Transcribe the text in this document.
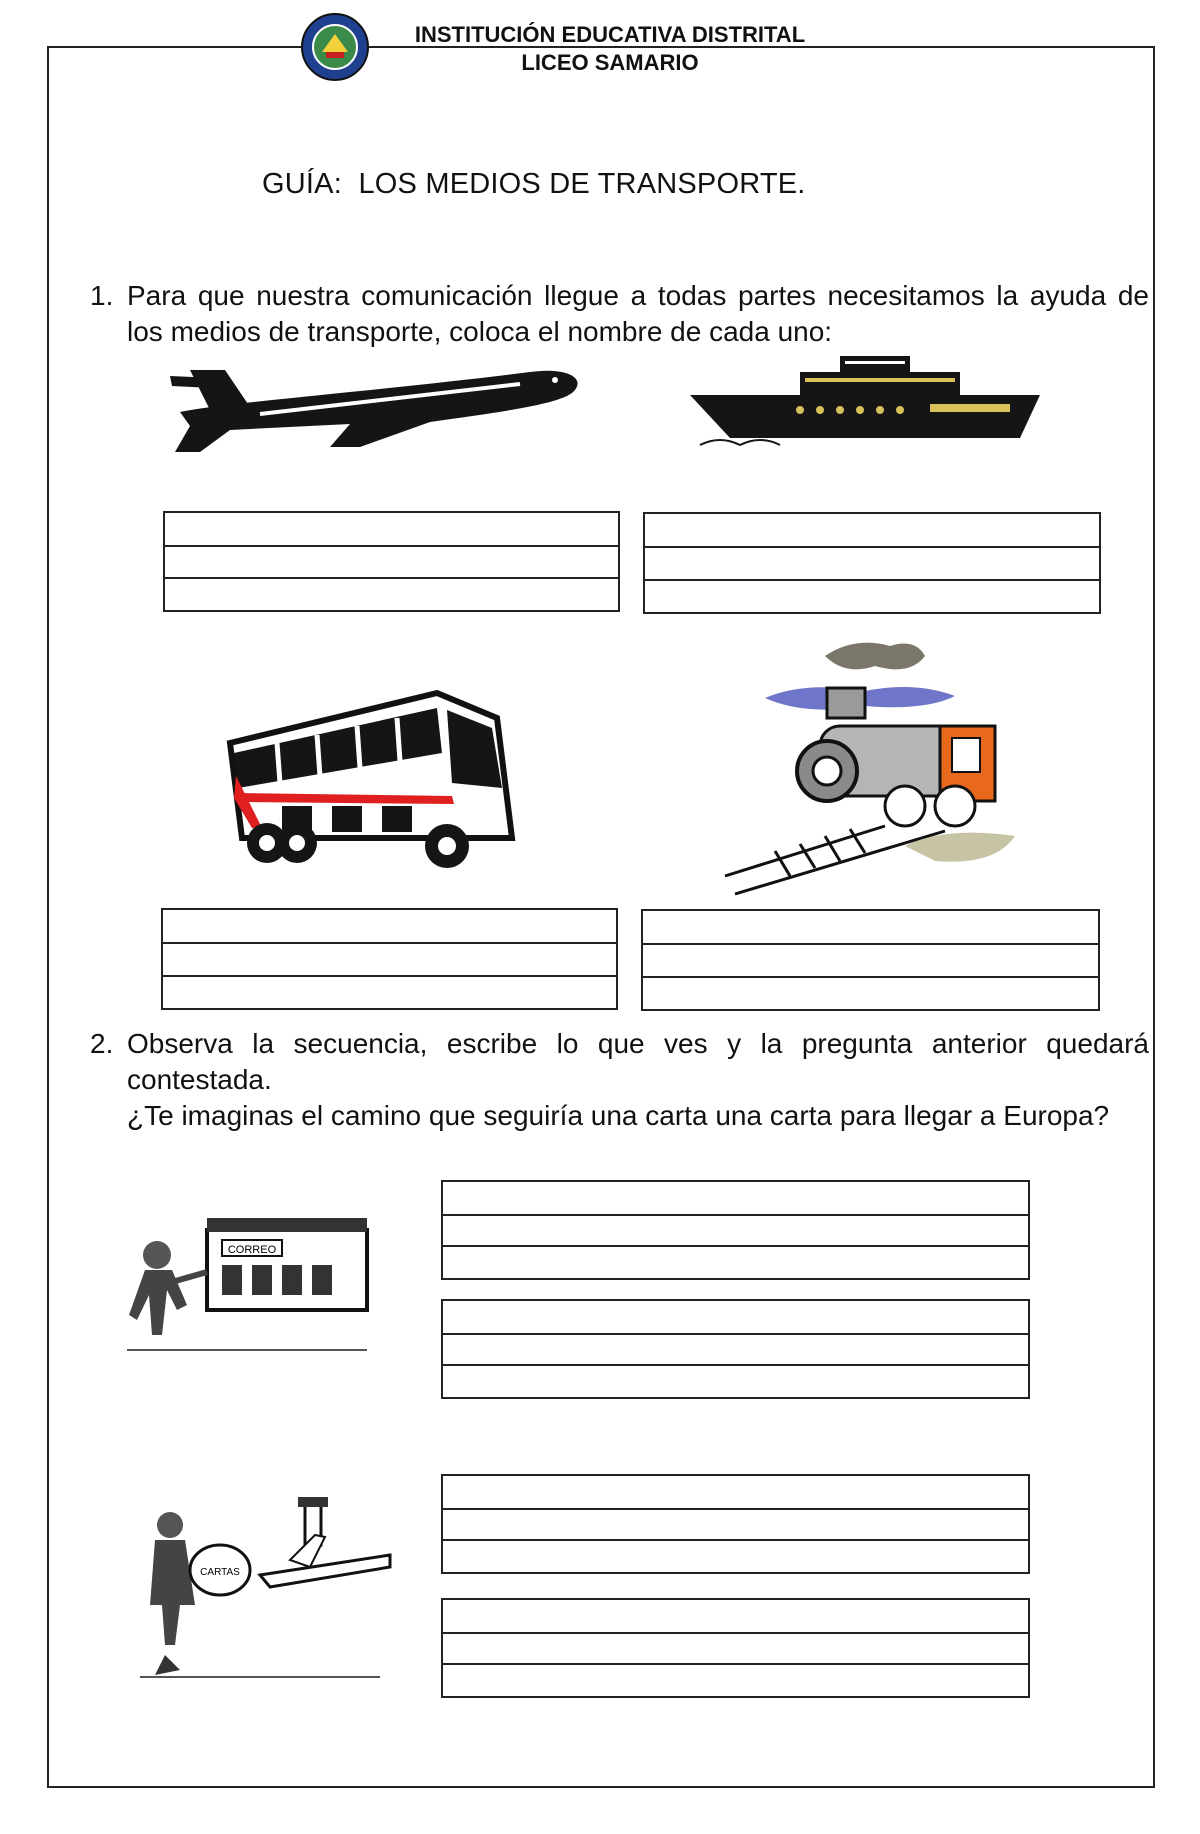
INSTITUCIÓN EDUCATIVA DISTRITAL
LICEO SAMARIO
GUÍA:  LOS MEDIOS DE TRANSPORTE.
1. Para que nuestra comunicación llegue a todas partes necesitamos la ayuda de los medios de transporte, coloca el nombre de cada uno:
2. Observa la secuencia, escribe lo que ves y la pregunta anterior quedará contestada.
¿Te imaginas el camino que seguiría una carta una carta para llegar a Europa?
CORREO
CARTAS
